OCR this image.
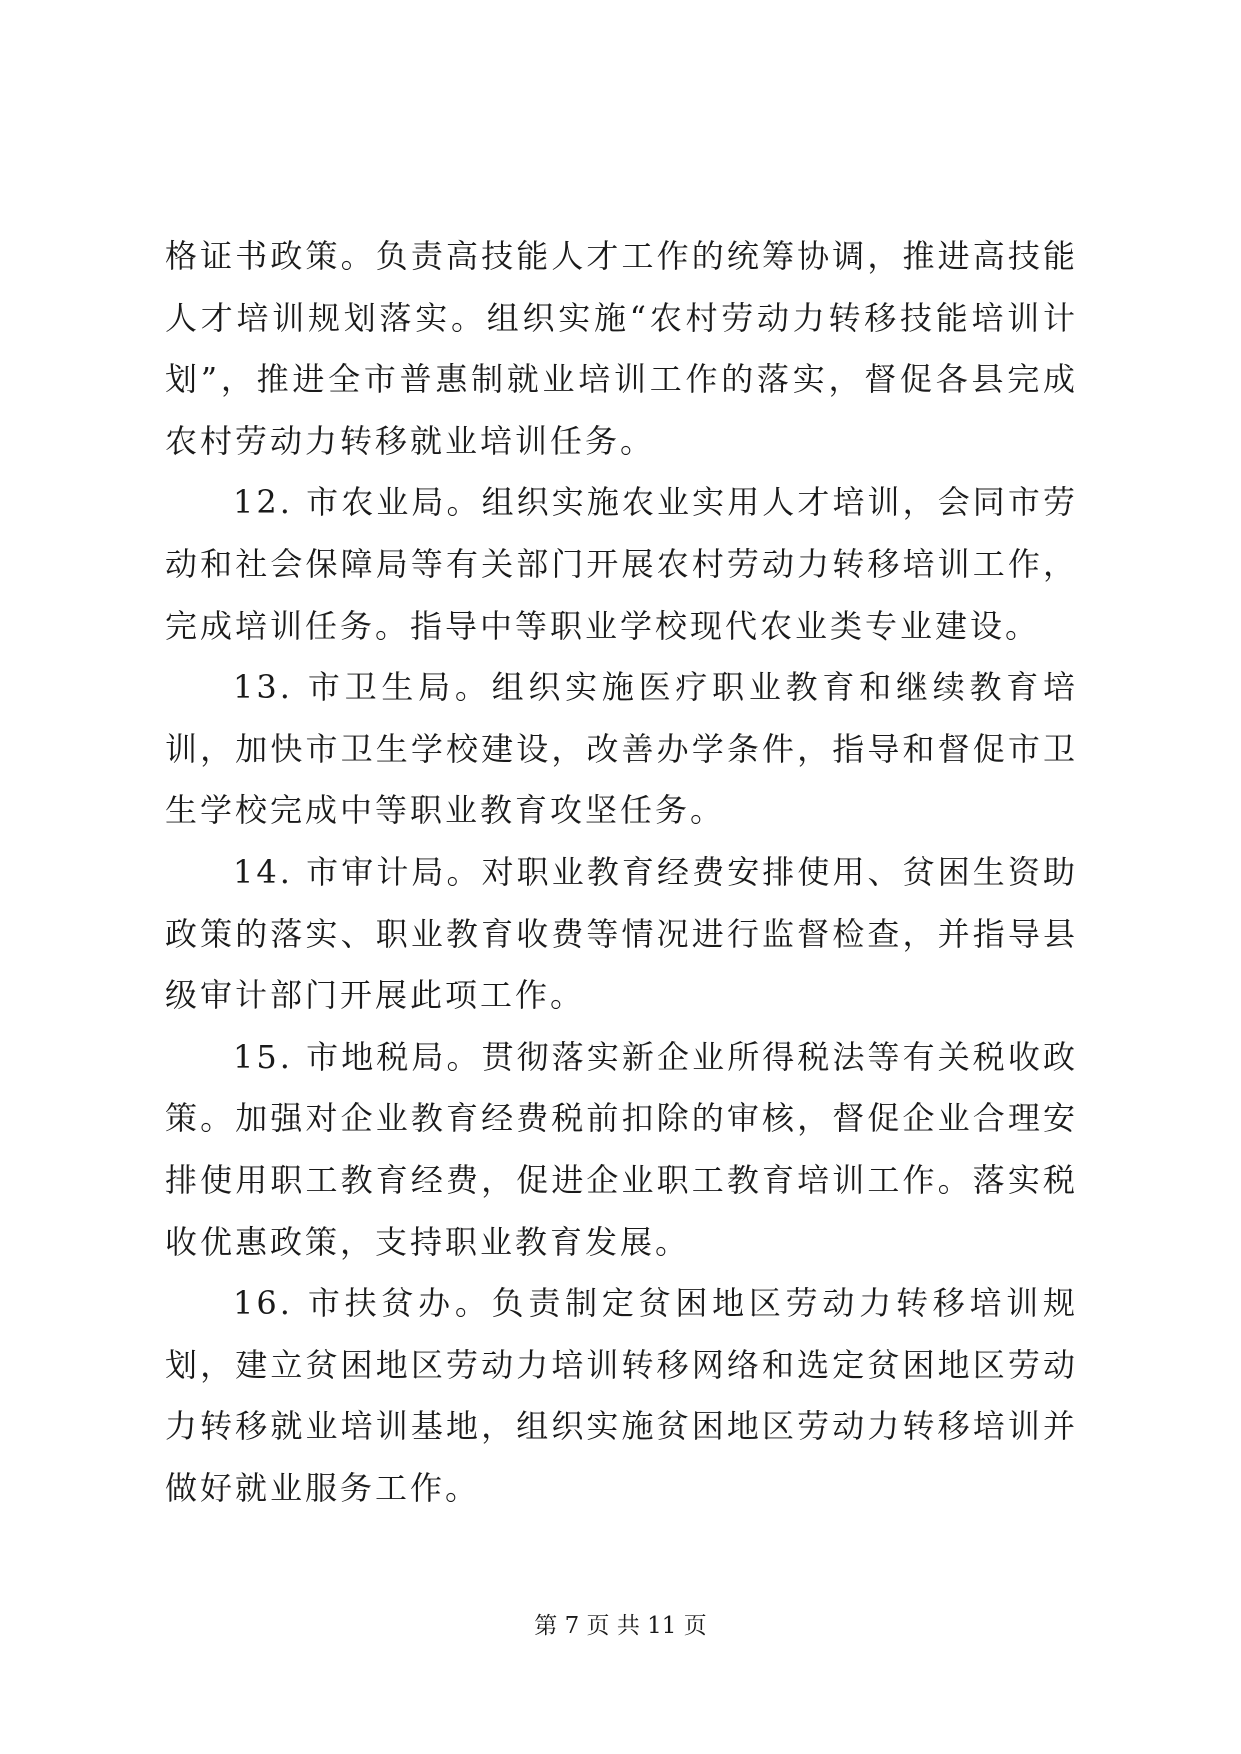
格证书政策。负责高技能人才工作的统筹协调，推进高技能人才培训规划落实。组织实施“农村劳动力转移技能培训计划”，推进全市普惠制就业培训工作的落实，督促各县完成农村劳动力转移就业培训任务。

12. 市农业局。组织实施农业实用人才培训，会同市劳动和社会保障局等有关部门开展农村劳动力转移培训工作，完成培训任务。指导中等职业学校现代农业类专业建设。

13. 市卫生局。组织实施医疗职业教育和继续教育培训，加快市卫生学校建设，改善办学条件，指导和督促市卫生学校完成中等职业教育攻坚任务。

14. 市审计局。对职业教育经费安排使用、贫困生资助政策的落实、职业教育收费等情况进行监督检查，并指导县级审计部门开展此项工作。

15. 市地税局。贯彻落实新企业所得税法等有关税收政策。加强对企业教育经费税前扣除的审核，督促企业合理安排使用职工教育经费，促进企业职工教育培训工作。落实税收优惠政策，支持职业教育发展。

16. 市扶贫办。负责制定贫困地区劳动力转移培训规划，建立贫困地区劳动力培训转移网络和选定贫困地区劳动力转移就业培训基地，组织实施贫困地区劳动力转移培训并做好就业服务工作。

第 7 页 共 11 页
